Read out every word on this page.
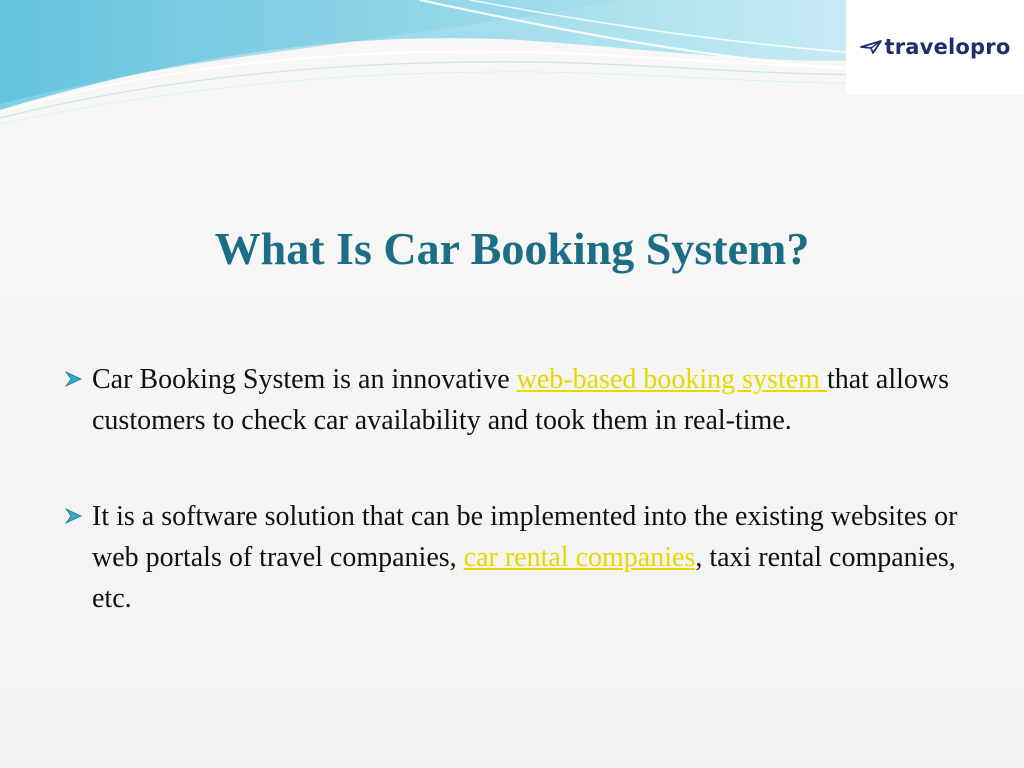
travelopro
What Is Car Booking System?
Car Booking System is an innovative web-based booking system that allows customers to check car availability and took them in real-time.
It is a software solution that can be implemented into the existing websites or web portals of travel companies, car rental companies, taxi rental companies, etc.
